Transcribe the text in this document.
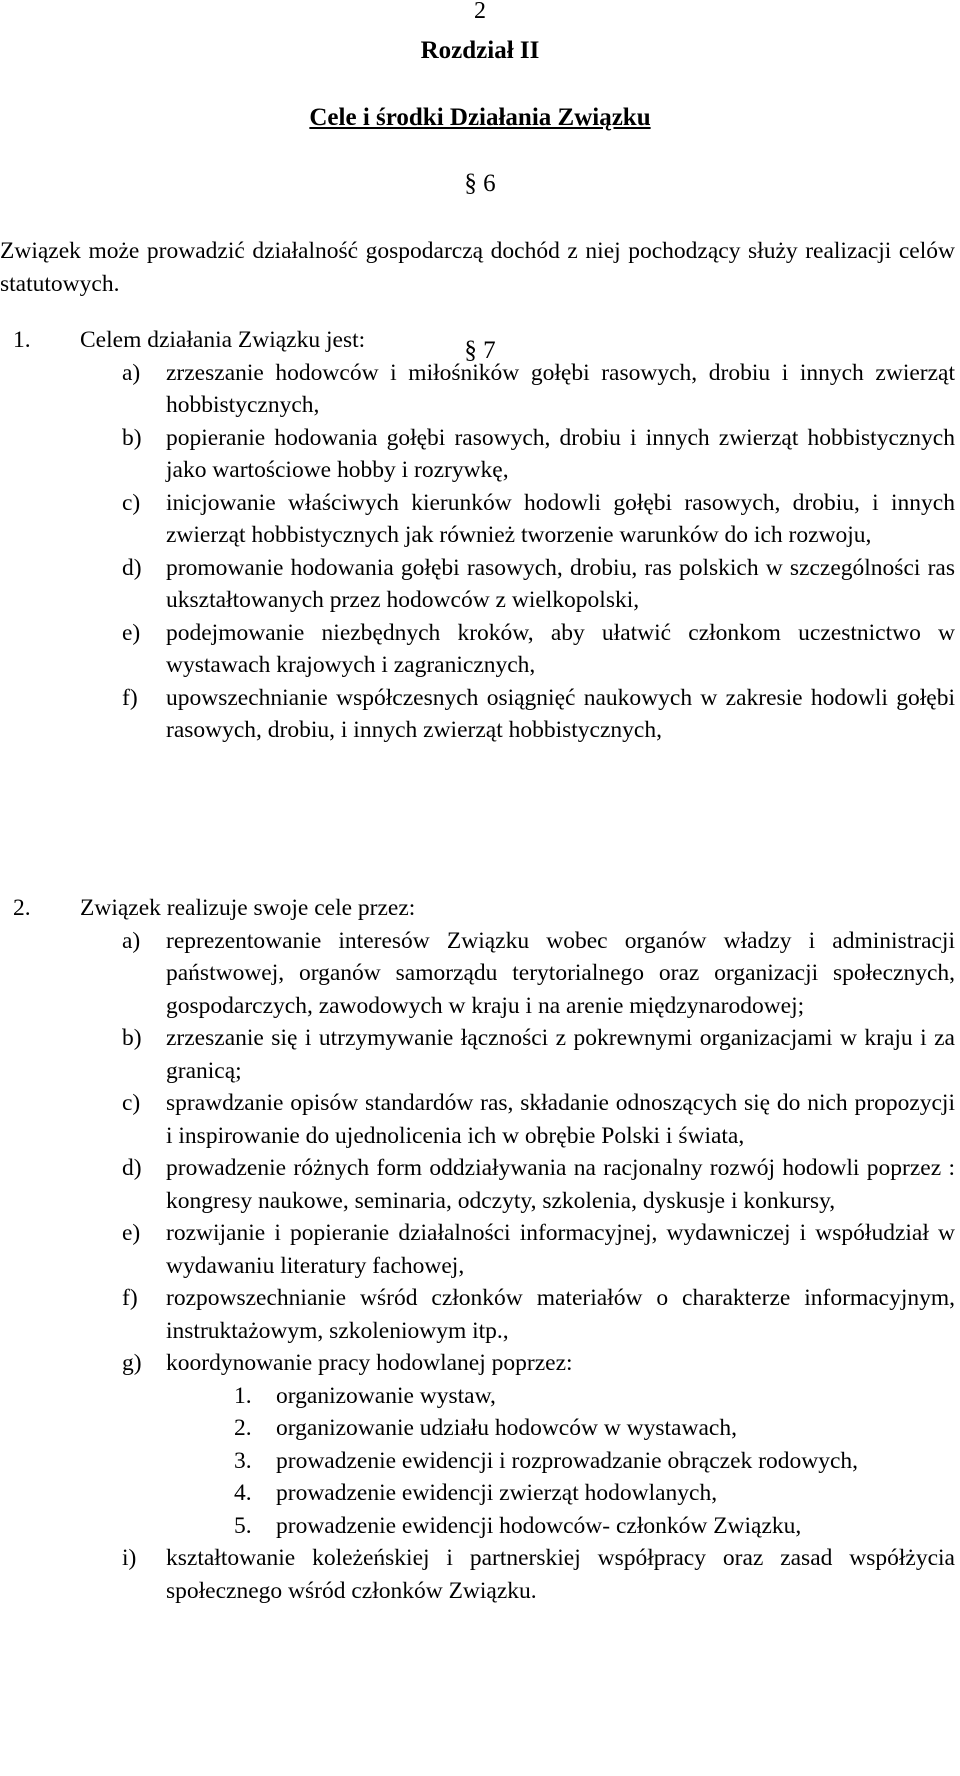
2
Rozdział II
Cele i środki Działania Związku
§ 6
Związek może prowadzić działalność gospodarczą dochód z niej pochodzący służy realizacji celów statutowych.
§ 7
1.	Celem działania Związku jest:
a) zrzeszanie hodowców i miłośników gołębi rasowych, drobiu i innych zwierząt hobbistycznych,
b) popieranie hodowania gołębi rasowych, drobiu i innych zwierząt hobbistycznych jako wartościowe hobby i rozrywkę,
c) inicjowanie właściwych kierunków hodowli gołębi rasowych, drobiu, i innych zwierząt hobbistycznych jak również tworzenie warunków do ich rozwoju,
d) promowanie hodowania gołębi rasowych, drobiu, ras polskich w szczególności ras ukształtowanych przez hodowców z wielkopolski,
e) podejmowanie niezbędnych kroków, aby ułatwić członkom uczestnictwo w wystawach krajowych i zagranicznych,
f) upowszechnianie współczesnych osiągnięć naukowych w zakresie hodowli gołębi rasowych, drobiu, i innych zwierząt hobbistycznych,
2.	Związek realizuje swoje cele przez:
a) reprezentowanie interesów Związku wobec organów władzy i administracji państwowej, organów samorządu terytorialnego oraz organizacji społecznych, gospodarczych, zawodowych w kraju i na arenie międzynarodowej;
b) zrzeszanie się i utrzymywanie łączności z pokrewnymi organizacjami w kraju i za granicą;
c) sprawdzanie opisów standardów ras, składanie odnoszących się do nich propozycji i inspirowanie do ujednolicenia ich w obrębie Polski i świata,
d) prowadzenie różnych form oddziaływania na racjonalny rozwój hodowli poprzez : kongresy naukowe, seminaria, odczyty, szkolenia, dyskusje i konkursy,
e) rozwijanie i popieranie działalności informacyjnej, wydawniczej i współudział w wydawaniu literatury fachowej,
f) rozpowszechnianie wśród członków materiałów o charakterze informacyjnym, instruktażowym, szkoleniowym itp.,
g) koordynowanie pracy hodowlanej poprzez:
1. organizowanie wystaw,
2. organizowanie udziału hodowców w wystawach,
3. prowadzenie ewidencji i rozprowadzanie obrączek rodowych,
4. prowadzenie ewidencji zwierząt hodowlanych,
5. prowadzenie ewidencji hodowców- członków Związku,
i) kształtowanie koleżeńskiej i partnerskiej współpracy oraz zasad współżycia społecznego wśród członków Związku.
